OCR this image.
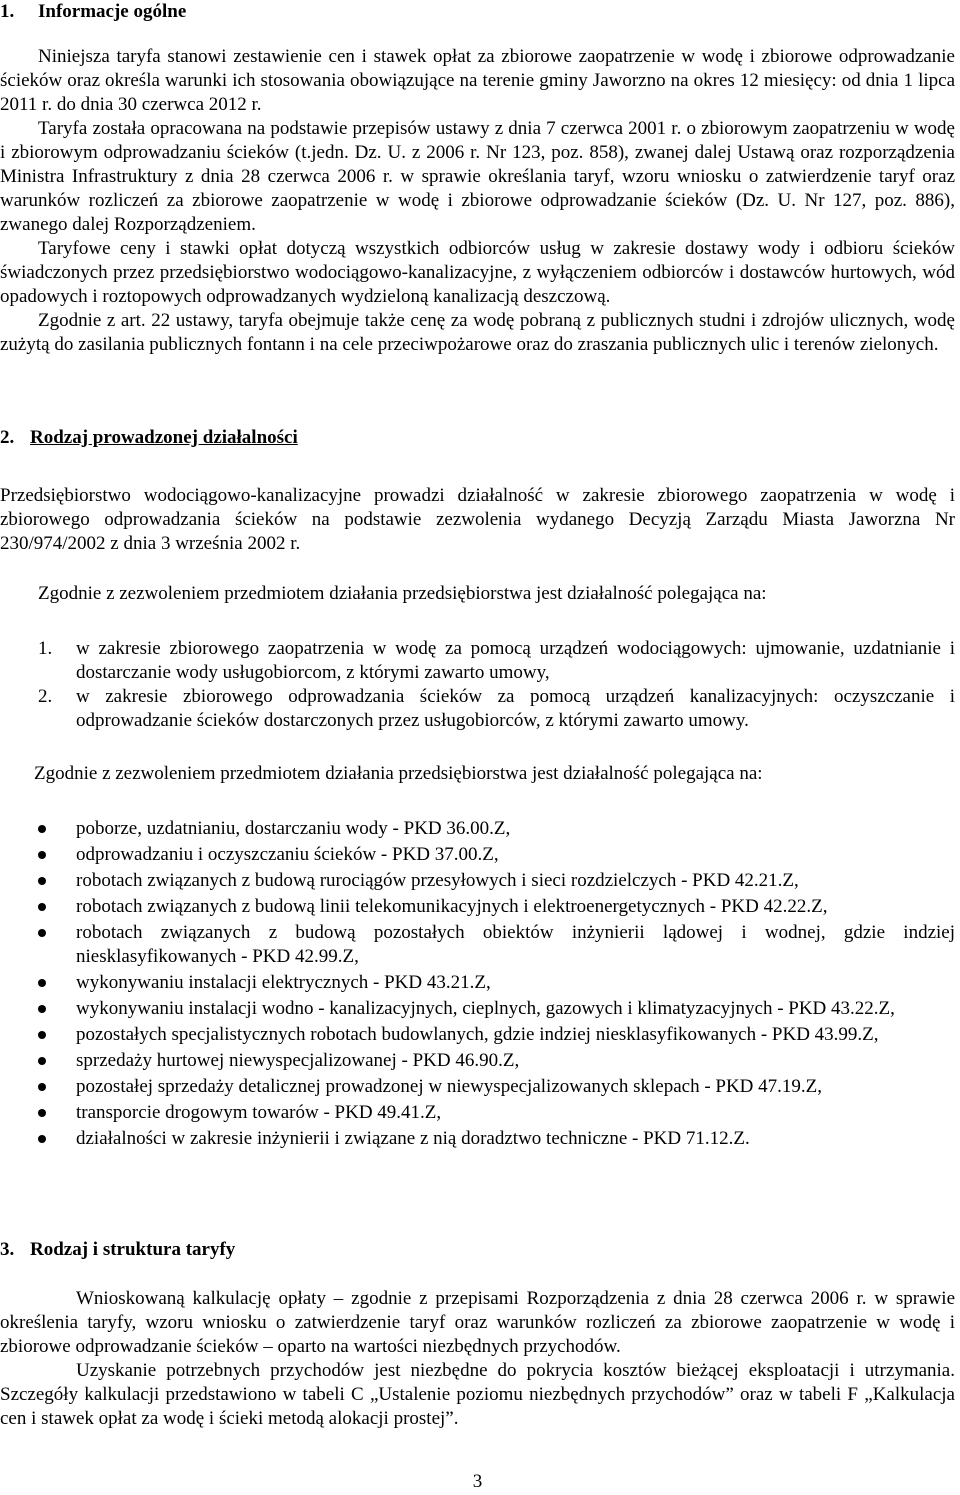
1. Informacje ogólne

Niniejsza taryfa stanowi zestawienie cen i stawek opłat za zbiorowe zaopatrzenie w wodę i zbiorowe odprowadzanie ścieków oraz określa warunki ich stosowania obowiązujące na terenie gminy Jaworzno na okres 12 miesięcy: od dnia 1 lipca 2011 r. do dnia 30 czerwca 2012 r.

Taryfa została opracowana na podstawie przepisów ustawy z dnia 7 czerwca 2001 r. o zbiorowym zaopatrzeniu w wodę i zbiorowym odprowadzaniu ścieków (t.jedn. Dz. U. z 2006 r. Nr 123, poz. 858), zwanej dalej Ustawą oraz rozporządzenia Ministra Infrastruktury z dnia 28 czerwca 2006 r. w sprawie określania taryf, wzoru wniosku o zatwierdzenie taryf oraz warunków rozliczeń za zbiorowe zaopatrzenie w wodę i zbiorowe odprowadzanie ścieków (Dz. U. Nr 127, poz. 886), zwanego dalej Rozporządzeniem.

Taryfowe ceny i stawki opłat dotyczą wszystkich odbiorców usług w zakresie dostawy wody i odbioru ścieków świadczonych przez przedsiębiorstwo wodociągowo-kanalizacyjne, z wyłączeniem odbiorców i dostawców hurtowych, wód opadowych i roztopowych odprowadzanych wydzieloną kanalizacją deszczową.

Zgodnie z art. 22 ustawy, taryfa obejmuje także cenę za wodę pobraną z publicznych studni i zdrojów ulicznych, wodę zużytą do zasilania publicznych fontann i na cele przeciwpożarowe oraz do zraszania publicznych ulic i terenów zielonych.

2. Rodzaj prowadzonej działalności

Przedsiębiorstwo wodociągowo-kanalizacyjne prowadzi działalność w zakresie zbiorowego zaopatrzenia w wodę i zbiorowego odprowadzania ścieków na podstawie zezwolenia wydanego Decyzją Zarządu Miasta Jaworzna Nr 230/974/2002 z dnia 3 września 2002 r.

Zgodnie z zezwoleniem przedmiotem działania przedsiębiorstwa jest działalność polegająca na:

1. w zakresie zbiorowego zaopatrzenia w wodę za pomocą urządzeń wodociągowych: ujmowanie, uzdatnianie i dostarczanie wody usługobiorcom, z którymi zawarto umowy,
2. w zakresie zbiorowego odprowadzania ścieków za pomocą urządzeń kanalizacyjnych: oczyszczanie i odprowadzanie ścieków dostarczonych przez usługobiorców, z którymi zawarto umowy.

Zgodnie z zezwoleniem przedmiotem działania przedsiębiorstwa jest działalność polegająca na:

poborze, uzdatnianiu, dostarczaniu wody - PKD 36.00.Z,
odprowadzaniu i oczyszczaniu ścieków - PKD 37.00.Z,
robotach związanych z budową rurociągów przesyłowych i sieci rozdzielczych - PKD 42.21.Z,
robotach związanych z budową linii telekomunikacyjnych i elektroenergetycznych - PKD 42.22.Z,
robotach związanych z budową pozostałych obiektów inżynierii lądowej i wodnej, gdzie indziej niesklasyfikowanych - PKD 42.99.Z,
wykonywaniu instalacji elektrycznych - PKD 43.21.Z,
wykonywaniu instalacji wodno - kanalizacyjnych, cieplnych, gazowych i klimatyzacyjnych - PKD 43.22.Z,
pozostałych specjalistycznych robotach budowlanych, gdzie indziej niesklasyfikowanych - PKD 43.99.Z,
sprzedaży hurtowej niewyspecjalizowanej - PKD 46.90.Z,
pozostałej sprzedaży detalicznej prowadzonej w niewyspecjalizowanych sklepach - PKD 47.19.Z,
transporcie drogowym towarów - PKD 49.41.Z,
działalności w zakresie inżynierii i związane z nią doradztwo techniczne - PKD 71.12.Z.
3. Rodzaj i struktura taryfy

Wnioskowaną kalkulację opłaty – zgodnie z przepisami Rozporządzenia z dnia 28 czerwca 2006 r. w sprawie określenia taryfy, wzoru wniosku o zatwierdzenie taryf oraz warunków rozliczeń za zbiorowe zaopatrzenie w wodę i zbiorowe odprowadzanie ścieków – oparto na wartości niezbędnych przychodów.

Uzyskanie potrzebnych przychodów jest niezbędne do pokrycia kosztów bieżącej eksploatacji i utrzymania. Szczegóły kalkulacji przedstawiono w tabeli C „Ustalenie poziomu niezbędnych przychodów” oraz w tabeli F „Kalkulacja cen i stawek opłat za wodę i ścieki metodą alokacji prostej”.

3
